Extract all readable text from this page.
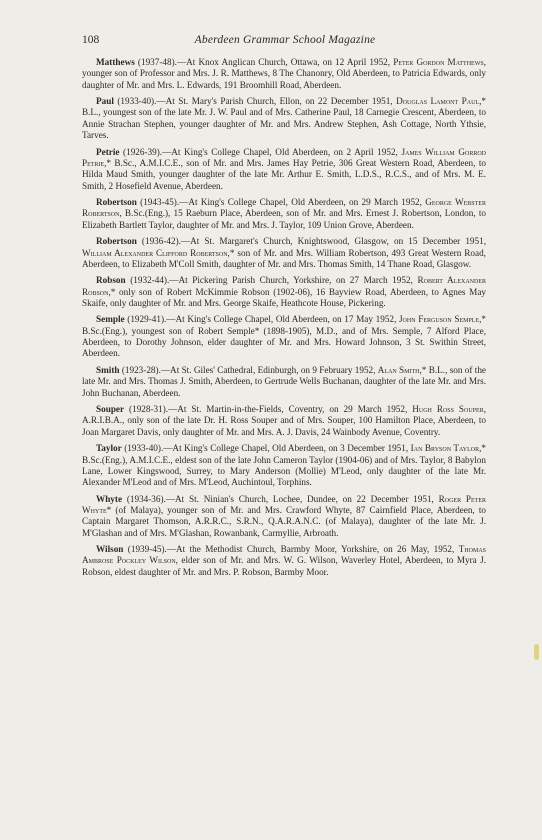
108	Aberdeen Grammar School Magazine

Matthews (1937-48).—At Knox Anglican Church, Ottawa, on 12 April 1952, Peter Gordon Matthews, younger son of Professor and Mrs. J. R. Matthews, 8 The Chanonry, Old Aberdeen, to Patricia Edwards, only daughter of Mr. and Mrs. L. Edwards, 191 Broomhill Road, Aberdeen.

Paul (1933-40).—At St. Mary's Parish Church, Ellon, on 22 December 1951, Douglas Lamont Paul,* B.L., youngest son of the late Mr. J. W. Paul and of Mrs. Catherine Paul, 18 Carnegie Crescent, Aberdeen, to Annie Strachan Stephen, younger daughter of Mr. and Mrs. Andrew Stephen, Ash Cottage, North Ythsie, Tarves.

Petrie (1926-39).—At King's College Chapel, Old Aberdeen, on 2 April 1952, James William Gorrod Petrie,* B.Sc., A.M.I.C.E., son of Mr. and Mrs. James Hay Petrie, 306 Great Western Road, Aberdeen, to Hilda Maud Smith, younger daughter of the late Mr. Arthur E. Smith, L.D.S., R.C.S., and of Mrs. M. E. Smith, 2 Hosefield Avenue, Aberdeen.

Robertson (1943-45).—At King's College Chapel, Old Aberdeen, on 29 March 1952, George Webster Robertson, B.Sc.(Eng.), 15 Raeburn Place, Aberdeen, son of Mr. and Mrs. Ernest J. Robertson, London, to Elizabeth Bartlett Taylor, daughter of Mr. and Mrs. J. Taylor, 109 Union Grove, Aberdeen.

Robertson (1936-42).—At St. Margaret's Church, Knightswood, Glasgow, on 15 December 1951, William Alexander Clifford Robertson,* son of Mr. and Mrs. William Robertson, 493 Great Western Road, Aberdeen, to Elizabeth M'Coll Smith, daughter of Mr. and Mrs. Thomas Smith, 14 Thane Road, Glasgow.

Robson (1932-44).—At Pickering Parish Church, Yorkshire, on 27 March 1952, Robert Alexander Robson,* only son of Robert McKimmie Robson (1902-06), 16 Bayview Road, Aberdeen, to Agnes May Skaife, only daughter of Mr. and Mrs. George Skaife, Heathcote House, Pickering.

Semple (1929-41).—At King's College Chapel, Old Aberdeen, on 17 May 1952, John Ferguson Semple,* B.Sc.(Eng.), youngest son of Robert Semple* (1898-1905), M.D., and of Mrs. Semple, 7 Alford Place, Aberdeen, to Dorothy Johnson, elder daughter of Mr. and Mrs. Howard Johnson, 3 St. Swithin Street, Aberdeen.

Smith (1923-28).—At St. Giles' Cathedral, Edinburgh, on 9 February 1952, Alan Smith,* B.L., son of the late Mr. and Mrs. Thomas J. Smith, Aberdeen, to Gertrude Wells Buchanan, daughter of the late Mr. and Mrs. John Buchanan, Aberdeen.

Souper (1928-31).—At St. Martin-in-the-Fields, Coventry, on 29 March 1952, Hugh Ross Souper, A.R.I.B.A., only son of the late Dr. H. Ross Souper and of Mrs. Souper, 100 Hamilton Place, Aberdeen, to Joan Margaret Davis, only daughter of Mr. and Mrs. A. J. Davis, 24 Wainbody Avenue, Coventry.

Taylor (1933-40).—At King's College Chapel, Old Aberdeen, on 3 December 1951, Ian Bryson Taylor,* B.Sc.(Eng.), A.M.I.C.E., eldest son of the late John Cameron Taylor (1904-06) and of Mrs. Taylor, 8 Babylon Lane, Lower Kingswood, Surrey, to Mary Anderson (Mollie) M'Leod, only daughter of the late Mr. Alexander M'Leod and of Mrs. M'Leod, Auchintoul, Torphins.

Whyte (1934-36).—At St. Ninian's Church, Lochee, Dundee, on 22 December 1951, Roger Peter Whyte* (of Malaya), younger son of Mr. and Mrs. Crawford Whyte, 87 Cairnfield Place, Aberdeen, to Captain Margaret Thomson, A.R.R.C., S.R.N., Q.A.R.A.N.C. (of Malaya), daughter of the late Mr. J. M'Glashan and of Mrs. M'Glashan, Rowanbank, Carmyllie, Arbroath.

Wilson (1939-45).—At the Methodist Church, Barmby Moor, Yorkshire, on 26 May, 1952, Thomas Ambrose Pockley Wilson, elder son of Mr. and Mrs. W. G. Wilson, Waverley Hotel, Aberdeen, to Myra J. Robson, eldest daughter of Mr. and Mrs. P. Robson, Barmby Moor.
